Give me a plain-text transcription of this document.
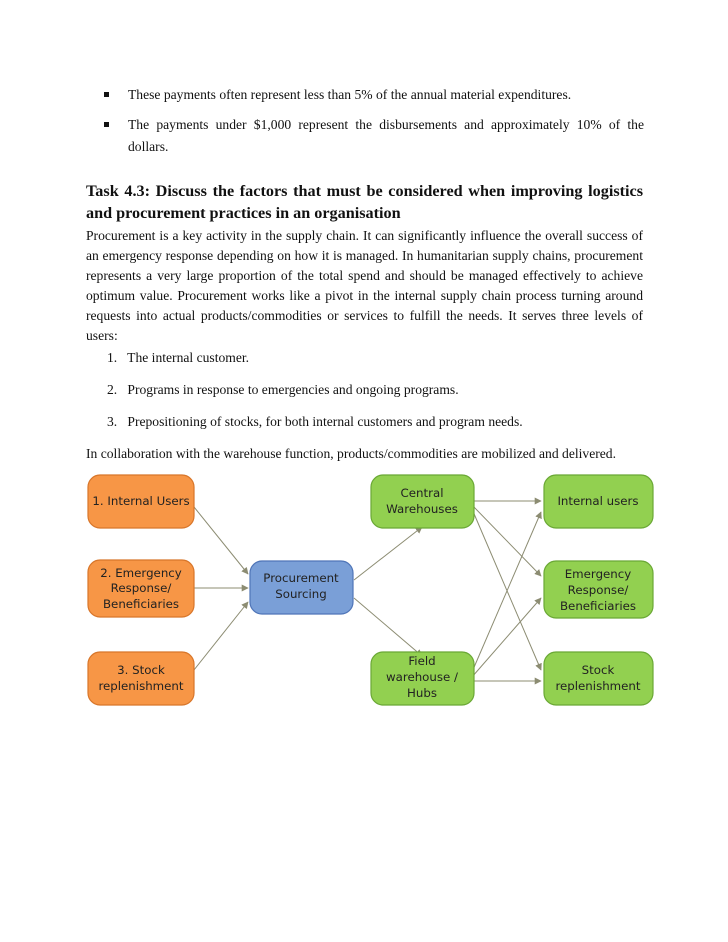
These payments often represent less than 5% of the annual material expenditures.
The payments under $1,000 represent the disbursements and approximately 10% of the dollars.
Task 4.3: Discuss the factors that must be considered when improving logistics and procurement practices in an organisation

Procurement is a key activity in the supply chain. It can significantly influence the overall success of an emergency response depending on how it is managed. In humanitarian supply chains, procurement represents a very large proportion of the total spend and should be managed effectively to achieve optimum value. Procurement works like a pivot in the internal supply chain process turning around requests into actual products/commodities or services to fulfill the needs. It serves three levels of users:

1.   The internal customer.
2.   Programs in response to emergencies and ongoing programs.
3.   Prepositioning of stocks, for both internal customers and program needs.

In collaboration with the warehouse function, products/commodities are mobilized and delivered.

1. Internal Users
2. Emergency
Response/
Beneficiaries
3. Stock
replenishment
Procurement
Sourcing
Central
Warehouses
Field
warehouse /
Hubs
Internal users
Emergency
Response/
Beneficiaries
Stock
replenishment
